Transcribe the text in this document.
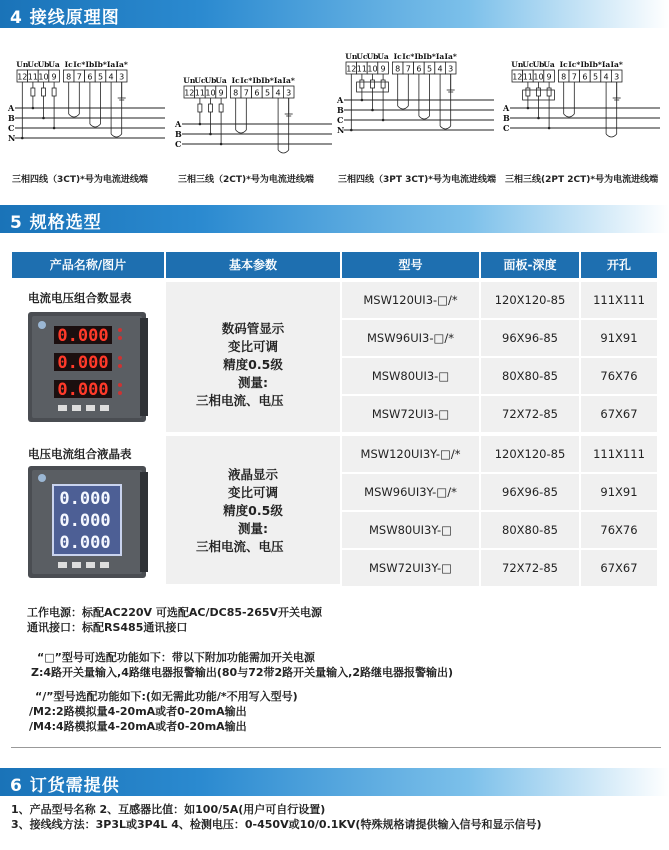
4 接线原理图
Un Uc Ub
Ua Ic Ic* Ib Ib* Ia Ia*
12 11 10 9 8 7 6 5 4 3
A
B
C
N
Un Uc Ub
Ua Ic Ic* Ib Ib* Ia Ia*
12 11 10 9 8 7 6 5 4 3
A
B
C
Un Uc Ub
Ua Ic Ic* Ib Ib* Ia Ia*
12 11 10 9 8 7 6 5 4 3
A
B
C
N
Un Uc Ub
Ua Ic Ic* Ib Ib* Ia Ia*
12 11 10 9 8 7 6 5 4 3
A
B
C
三相四线（3CT)*号为电流进线端	三相三线（2CT)*号为电流进线端	三相四线（3PT 3CT)*号为电流进线端 三相三线(2PT 2CT)*号为电流进线端
5 规格选型
产品名称/图片	基本参数	型号	面板-深度	开孔
电流电压组合数显表
0.000
0.000
0.000
数码管显示
变比可调
精度0.5级
测量:
三相电流、电压
MSW120UI3-□/*	120X120-85	111X111
MSW96UI3-□/*	96X96-85	91X91
MSW80UI3-□	80X80-85	76X76
MSW72UI3-□	72X72-85	67X67
电压电流组合液晶表
0.000
0.000
0.000
液晶显示
变比可调
精度0.5级
测量:
三相电流、电压
MSW120UI3Y-□/*	120X120-85	111X111
MSW96UI3Y-□/*	96X96-85	91X91
MSW80UI3Y-□	80X80-85	76X76
MSW72UI3Y-□	72X72-85	67X67
工作电源：标配AC220V 可选配AC/DC85-265V开关电源
通讯接口：标配RS485通讯接口
“□”型号可选配功能如下：带以下附加功能需加开关电源
Z:4路开关量输入,4路继电器报警输出(80与72带2路开关量输入,2路继电器报警输出)
“/”型号选配功能如下:(如无需此功能/*不用写入型号)
/M2:2路模拟量4-20mA或者0-20mA输出
/M4:4路模拟量4-20mA或者0-20mA输出
6 订货需提供
1、产品型号名称 2、互感器比值：如100/5A(用户可自行设置)
3、接线线方法：3P3L或3P4L 4、检测电压：0-450V或10/0.1KV(特殊规格请提供输入信号和显示信号)
